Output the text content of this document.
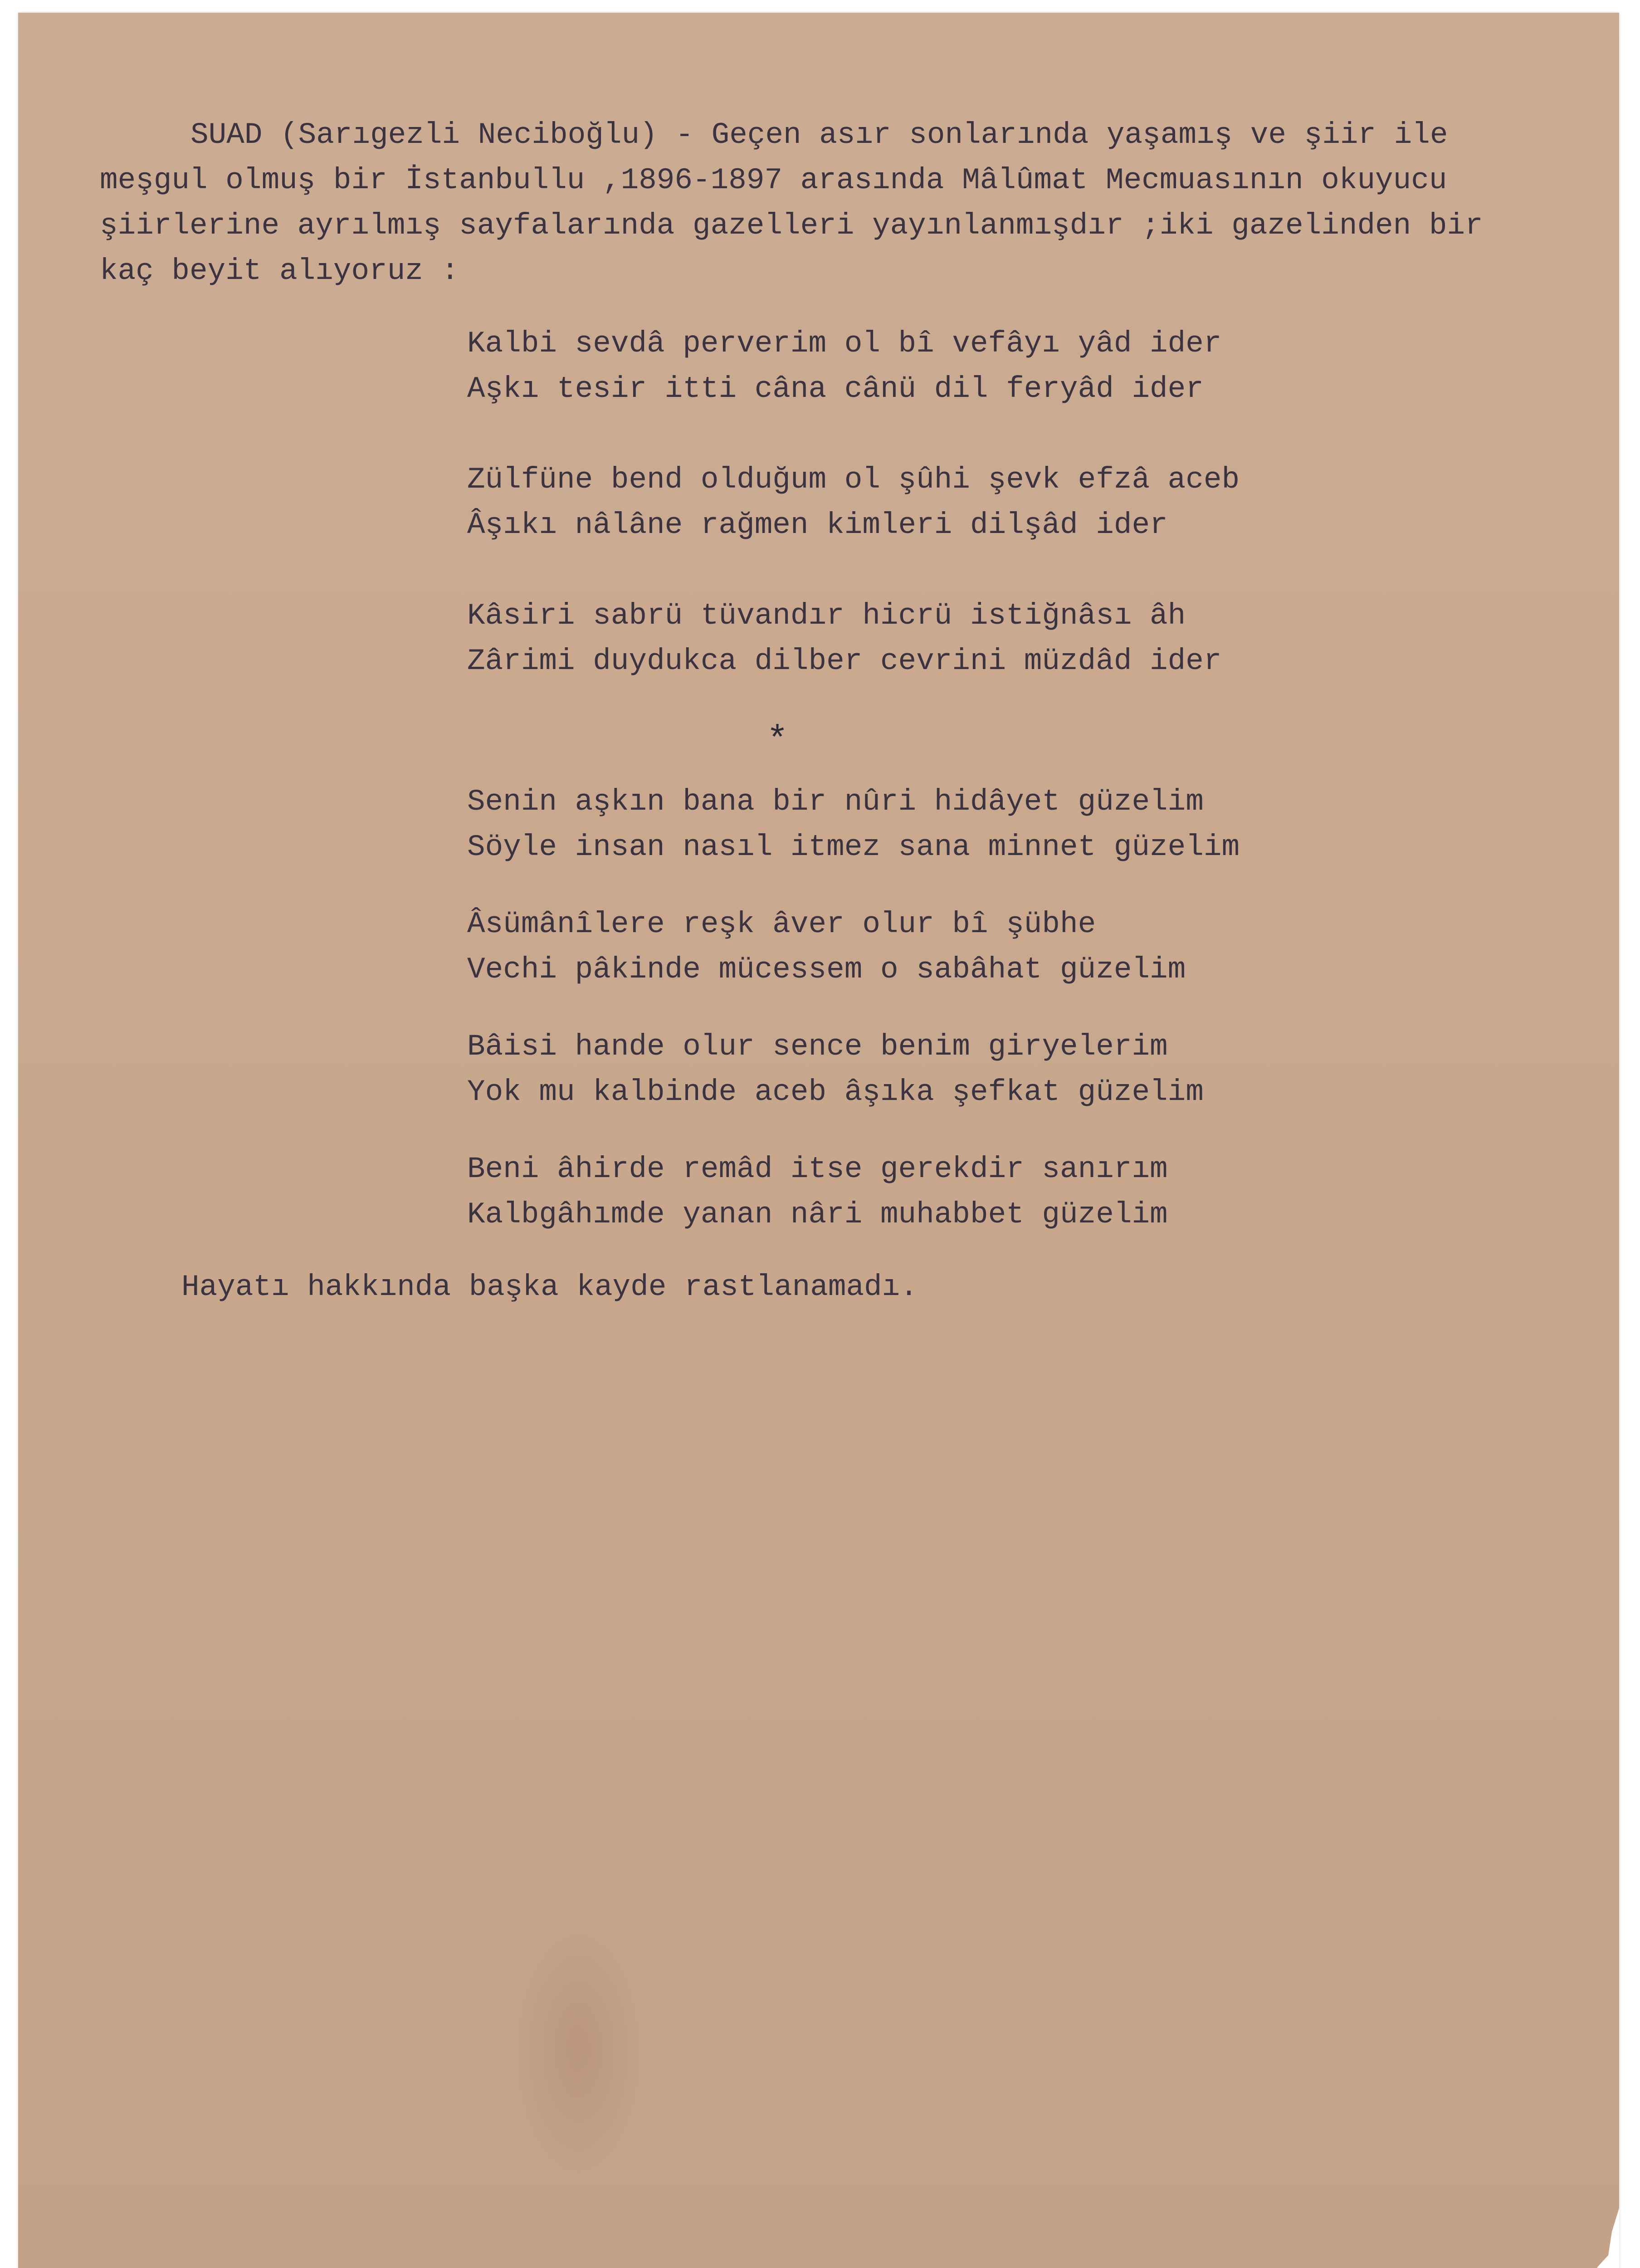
SUAD (Sarıgezli Neciboğlu) - Geçen asır sonlarında yaşamış ve şiir ile meşgul olmuş bir İstanbullu ,1896-1897 arasında Mâlûmat Mecmuasının okuyucu şiirlerine ayrılmış sayfalarında gazelleri yayınlanmışdır ;iki gazelinden bir kaç beyit alıyoruz :
Kalbi sevdâ perverim ol bî vefâyı yâd ider
Aşkı tesir itti câna cânü dil feryâd ider
Zülfüne bend olduğum ol şûhi şevk efzâ aceb
Âşıkı nâlâne rağmen kimleri dilşâd ider
Kâsiri sabrü tüvandır hicrü istiğnâsı âh
Zârimi duydukca dilber cevrini müzdâd ider
*
Senin aşkın bana bir nûri hidâyet güzelim
Söyle insan nasıl itmez sana minnet güzelim
Âsümânîlere reşk âver olur bî şübhe
Vechi pâkinde mücessem o sabâhat güzelim
Bâisi hande olur sence benim giryelerim
Yok mu kalbinde aceb âşıka şefkat güzelim
Beni âhirde remâd itse gerekdir sanırım
Kalbgâhımde yanan nâri muhabbet güzelim
Hayatı hakkında başka kayde rastlanamadı.
